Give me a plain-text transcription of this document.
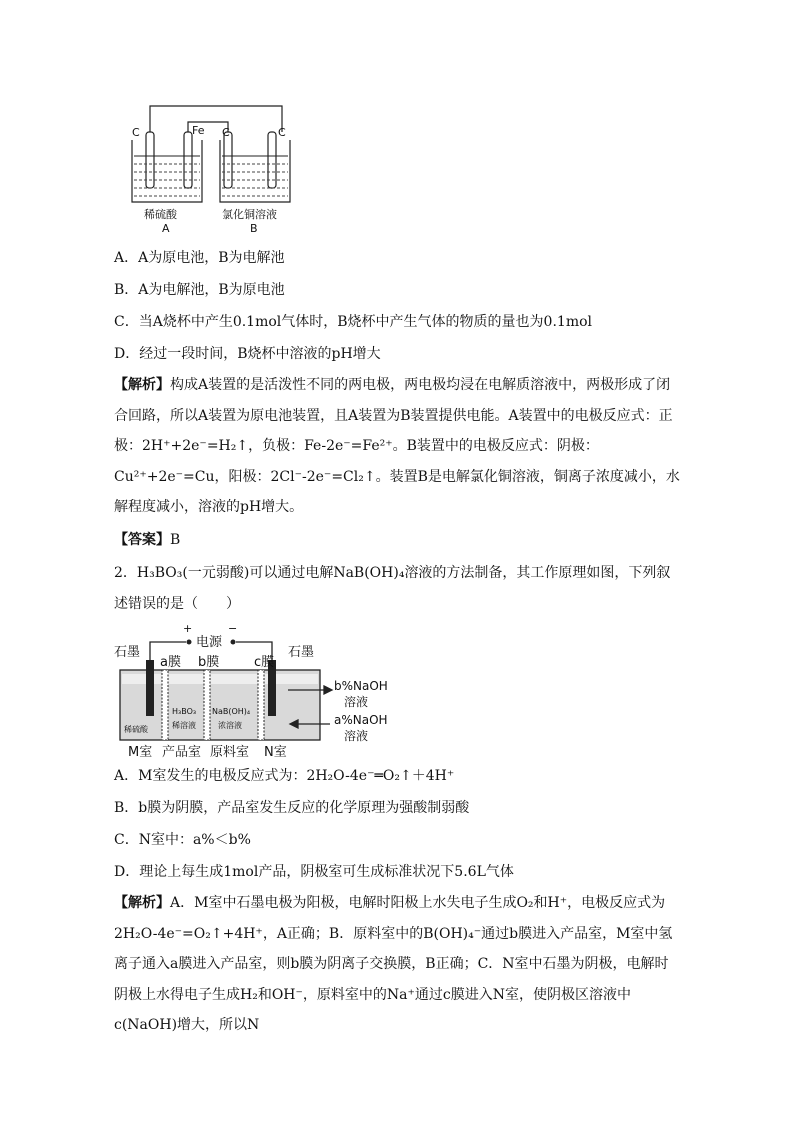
C	Fe C	C
稀硫酸
A
氯化铜溶液
B
A．A为原电池，B为电解池
B．A为电解池，B为原电池
C．当A烧杯中产生0.1mol气体时，B烧杯中产生气体的物质的量也为0.1mol
D．经过一段时间，B烧杯中溶液的pH增大
【解析】构成A装置的是活泼性不同的两电极，两电极均浸在电解质溶液中，两极形成了闭合回路，所以A装置为原电池装置，且A装置为B装置提供电能。A装置中的电极反应式：正极：2H⁺+2e⁻=H₂↑，负极：Fe-2e⁻=Fe²⁺。B装置中的电极反应式：阴极：Cu²⁺+2e⁻=Cu，阳极：2Cl⁻-2e⁻=Cl₂↑。装置B是电解氯化铜溶液，铜离子浓度减小，水解程度减小，溶液的pH增大。
【答案】B
2．H₃BO₃(一元弱酸)可以通过电解NaB(OH)₄溶液的方法制备，其工作原理如图，下列叙述错误的是（　　）
+
电源
−
石墨	石墨
a膜 b膜	c膜
稀硫酸
H₃BO₃
稀溶液
NaB(OH)₄
浓溶液
b%NaOH
溶液
a%NaOH
溶液
M室 产品室 原料室 N室
A．M室发生的电极反应式为：2H₂O-4e⁻═O₂↑＋4H⁺
B．b膜为阴膜，产品室发生反应的化学原理为强酸制弱酸
C．N室中：a%＜b%
D．理论上每生成1mol产品，阴极室可生成标准状况下5.6L气体
【解析】A．M室中石墨电极为阳极，电解时阳极上水失电子生成O₂和H⁺，电极反应式为2H₂O-4e⁻=O₂↑+4H⁺，A正确；B．原料室中的B(OH)₄⁻通过b膜进入产品室，M室中氢离子通入a膜进入产品室，则b膜为阴离子交换膜，B正确；C．N室中石墨为阴极，电解时阴极上水得电子生成H₂和OH⁻，原料室中的Na⁺通过c膜进入N室，使阴极区溶液中c(NaOH)增大，所以N
